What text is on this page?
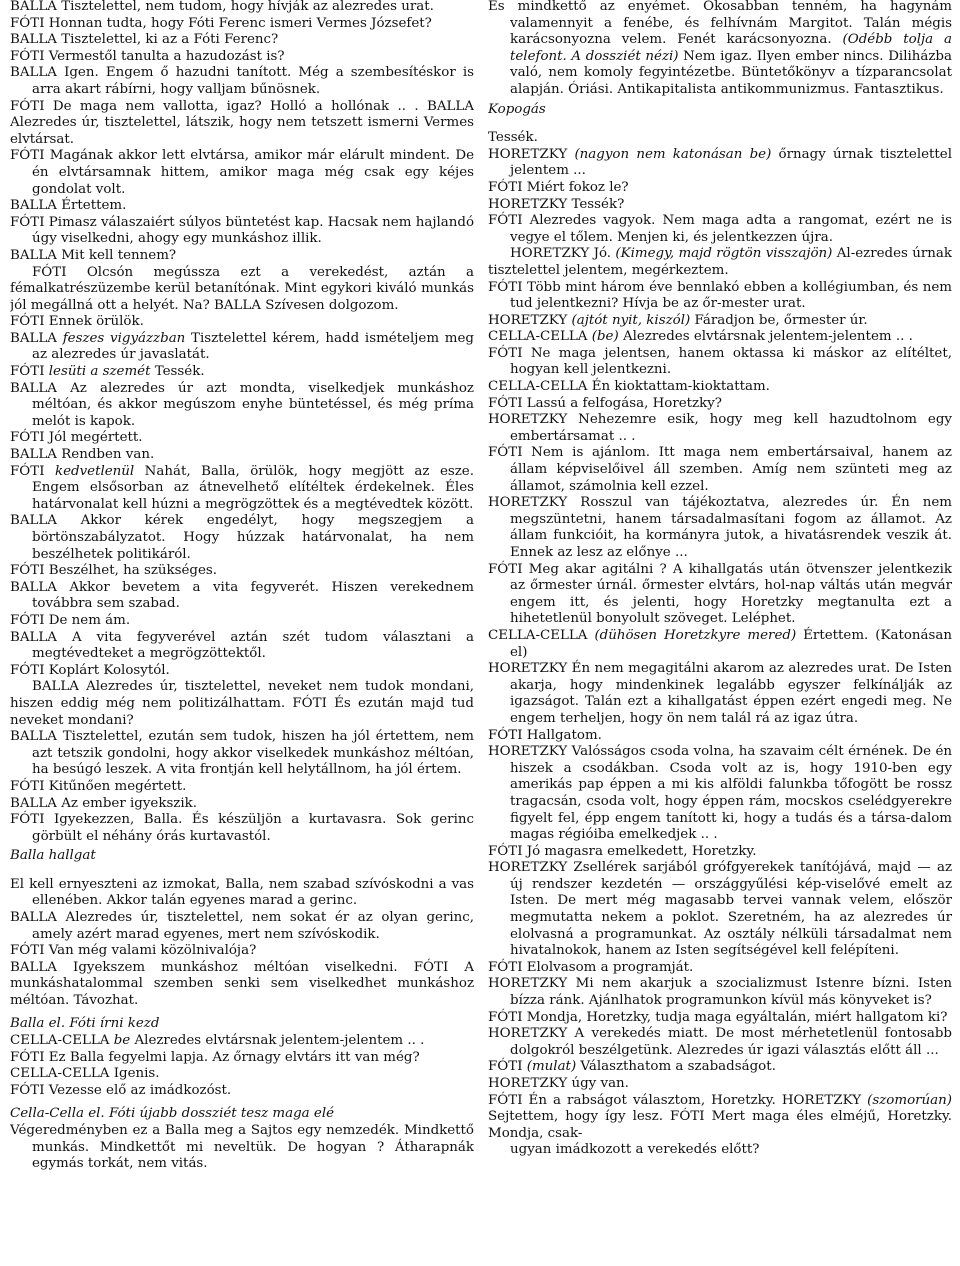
BALLA Tisztelettel, nem tudom, hogy hívják az alezredes urat.

FÓTI Honnan tudta, hogy Fóti Ferenc ismeri Vermes Józsefet?

BALLA Tisztelettel, ki az a Fóti Ferenc?

FÓTI Vermestől tanulta a hazudozást is?

BALLA Igen. Engem ő hazudni tanított. Még a szembesítéskor is arra akart rábírni, hogy valljam bűnösnek.

FÓTI De maga nem vallotta, igaz? Holló a hollónak .. . BALLA Alezredes úr, tisztelettel, látszik, hogy nem tetszett ismerni Vermes elvtársat.

FÓTI Magának akkor lett elvtársa, amikor már elárult mindent. De én elvtársamnak hittem, amikor maga még csak egy kéjes gondolat volt.

BALLA Értettem.

FÓTI Pimasz válaszaiért súlyos büntetést kap. Hacsak nem hajlandó úgy viselkedni, ahogy egy munkáshoz illik.

BALLA Mit kell tennem?

FÓTI Olcsón megússza ezt a verekedést, aztán a fémalkatrészüzembe kerül betanítónak. Mint egykori kiváló munkás jól megállná ott a helyét. Na? BALLA Szívesen dolgozom.

FÓTI Ennek örülök.

BALLA feszes vigyázzban Tisztelettel kérem, hadd ismételjem meg az alezredes úr javaslatát.

FÓTI lesüti a szemét Tessék.

BALLA Az alezredes úr azt mondta, viselkedjek munkáshoz méltóan, és akkor megúszom enyhe büntetéssel, és még príma melót is kapok.

FÓTI Jól megértett.

BALLA Rendben van.

FÓTI kedvetlenül Nahát, Balla, örülök, hogy megjött az esze. Engem elsősorban az átnevelhető elítéltek érdekelnek. Éles határvonalat kell húzni a megrögzöttek és a megtévedtek között.

BALLA Akkor kérek engedélyt, hogy megszegjem a börtönszabályzatot. Hogy húzzak határvonalat, ha nem beszélhetek politikáról.

FÓTI Beszélhet, ha szükséges.

BALLA Akkor bevetem a vita fegyverét. Hiszen verekednem továbbra sem szabad.

FÓTI De nem ám.

BALLA A vita fegyverével aztán szét tudom választani a megtévedteket a megrögzöttektől.

FÓTI Koplárt Kolosytól.

BALLA Alezredes úr, tisztelettel, neveket nem tudok mondani, hiszen eddig még nem politizálhattam. FÓTI És ezután majd tud neveket mondani?

BALLA Tisztelettel, ezután sem tudok, hiszen ha jól értettem, nem azt tetszik gondolni, hogy akkor viselkedek munkáshoz méltóan, ha besúgó leszek. A vita frontján kell helytállnom, ha jól értem.

FÓTI Kitűnően megértett.

BALLA Az ember igyekszik.

FÓTI Igyekezzen, Balla. És készüljön a kurtavasra. Sok gerinc görbült el néhány órás kurtavastól.

Balla hallgat

El kell ernyeszteni az izmokat, Balla, nem szabad szívóskodni a vas ellenében. Akkor talán egyenes marad a gerinc.

BALLA Alezredes úr, tisztelettel, nem sokat ér az olyan gerinc, amely azért marad egyenes, mert nem szívóskodik.

FÓTI Van még valami közölnivalója?

BALLA Igyekszem munkáshoz méltóan viselkedni. FÓTI A munkáshatalommal szemben senki sem viselkedhet munkáshoz méltóan. Távozhat.

Balla el. Fóti írni kezd

CELLA-CELLA be Alezredes elvtársnak jelentem-jelentem .. .

FÓTI Ez Balla fegyelmi lapja. Az őrnagy elvtárs itt van még?

CELLA-CELLA Igenis.

FÓTI Vezesse elő az imádkozóst.

Cella-Cella el. Fóti újabb dossziét tesz maga elé

Végeredményben ez a Balla meg a Sajtos egy nemzedék. Mindkettő munkás. Mindkettőt mi neveltük. De hogyan ? Átharapnák egymás torkát, nem vitás.

És mindkettő az enyémet. Okosabban tenném, ha hagynám valamennyit a fenébe, és felhívnám Margitot. Talán mégis karácsonyozna velem. Fenét karácsonyozna. (Odébb tolja a telefont. A dossziét nézi) Nem igaz. Ilyen ember nincs. Diliházba való, nem komoly fegyintézetbe. Büntetőkönyv a tízparancsolat alapján. Óriási. Antikapitalista antikommunizmus. Fantasztikus.

Kopogás

Tessék.

HORETZKY (nagyon nem katonásan be) őrnagy úrnak tisztelettel jelentem ...

FÓTI Miért fokoz le?

HORETZKY Tessék?

FÓTI Alezredes vagyok. Nem maga adta a rangomat, ezért ne is vegye el tőlem. Menjen ki, és jelentkezzen újra.

HORETZKY Jó. (Kimegy, majd rögtön visszajön) Al-ezredes úrnak tisztelettel jelentem, megérkeztem.

FÓTI Több mint három éve bennlakó ebben a kollégiumban, és nem tud jelentkezni? Hívja be az őr-mester urat.

HORETZKY (ajtót nyit, kiszól) Fáradjon be, őrmester úr.

CELLA-CELLA (be) Alezredes elvtársnak jelentem-jelentem .. .

FÓTI Ne maga jelentsen, hanem oktassa ki máskor az elítéltet, hogyan kell jelentkezni.

CELLA-CELLA Én kioktattam-kioktattam.

FÓTI Lassú a felfogása, Horetzky?

HORETZKY Nehezemre esik, hogy meg kell hazudtolnom egy embertársamat .. .

FÓTI Nem is ajánlom. Itt maga nem embertársaival, hanem az állam képviselőivel áll szemben. Amíg nem szünteti meg az államot, számolnia kell ezzel.

HORETZKY Rosszul van tájékoztatva, alezredes úr. Én nem megszüntetni, hanem társadalmasítani fogom az államot. Az állam funkcióit, ha kormányra jutok, a hivatásrendek veszik át. Ennek az lesz az előnye ...

FÓTI Meg akar agitálni ? A kihallgatás után ötvenszer jelentkezik az őrmester úrnál. őrmester elvtárs, hol-nap váltás után megvár engem itt, és jelenti, hogy Horetzky megtanulta ezt a hihetetlenül bonyolult szöveget. Leléphet.

CELLA-CELLA (dühösen Horetzkyre mered) Értettem. (Katonásan el)

HORETZKY Én nem megagitálni akarom az alezredes urat. De Isten akarja, hogy mindenkinek legalább egyszer felkínálják az igazságot. Talán ezt a kihallgatást éppen ezért engedi meg. Ne engem terheljen, hogy ön nem talál rá az igaz útra.

FÓTI Hallgatom.

HORETZKY Valósságos csoda volna, ha szavaim célt érnének. De én hiszek a csodákban. Csoda volt az is, hogy 1910-ben egy amerikás pap éppen a mi kis alföldi falunkba tőfogött be rossz tragacsán, csoda volt, hogy éppen rám, mocskos cselédgyerekre figyelt fel, épp engem tanított ki, hogy a tudás és a társa-dalom magas régióiba emelkedjek .. .

FÓTI Jó magasra emelkedett, Horetzky.

HORETZKY Zsellérek sarjából grófgyerekek tanítójává, majd — az új rendszer kezdetén — országgyűlési kép-viselővé emelt az Isten. De mert még magasabb tervei vannak velem, először megmutatta nekem a poklot. Szeretném, ha az alezredes úr elolvasná a programunkat. Az osztály nélküli társadalmat nem hivatalnokok, hanem az Isten segítségével kell felépíteni.

FÓTI Elolvasom a programját.

HORETZKY Mi nem akarjuk a szocializmust Istenre bízni. Isten bízza ránk. Ajánlhatok programunkon kívül más könyveket is?

FÓTI Mondja, Horetzky, tudja maga egyáltalán, miért hallgatom ki?

HORETZKY A verekedés miatt. De most mérhetetlenül fontosabb dolgokról beszélgetünk. Alezredes úr igazi választás előtt áll ...

FÓTI (mulat) Választhatom a szabadságot.

HORETZKY úgy van.

FÓTI Én a rabságot választom, Horetzky. HORETZKY (szomorúan) Sejtettem, hogy így lesz. FÓTI Mert maga éles elméjű, Horetzky. Mondja, csak-

ugyan imádkozott a verekedés előtt?
